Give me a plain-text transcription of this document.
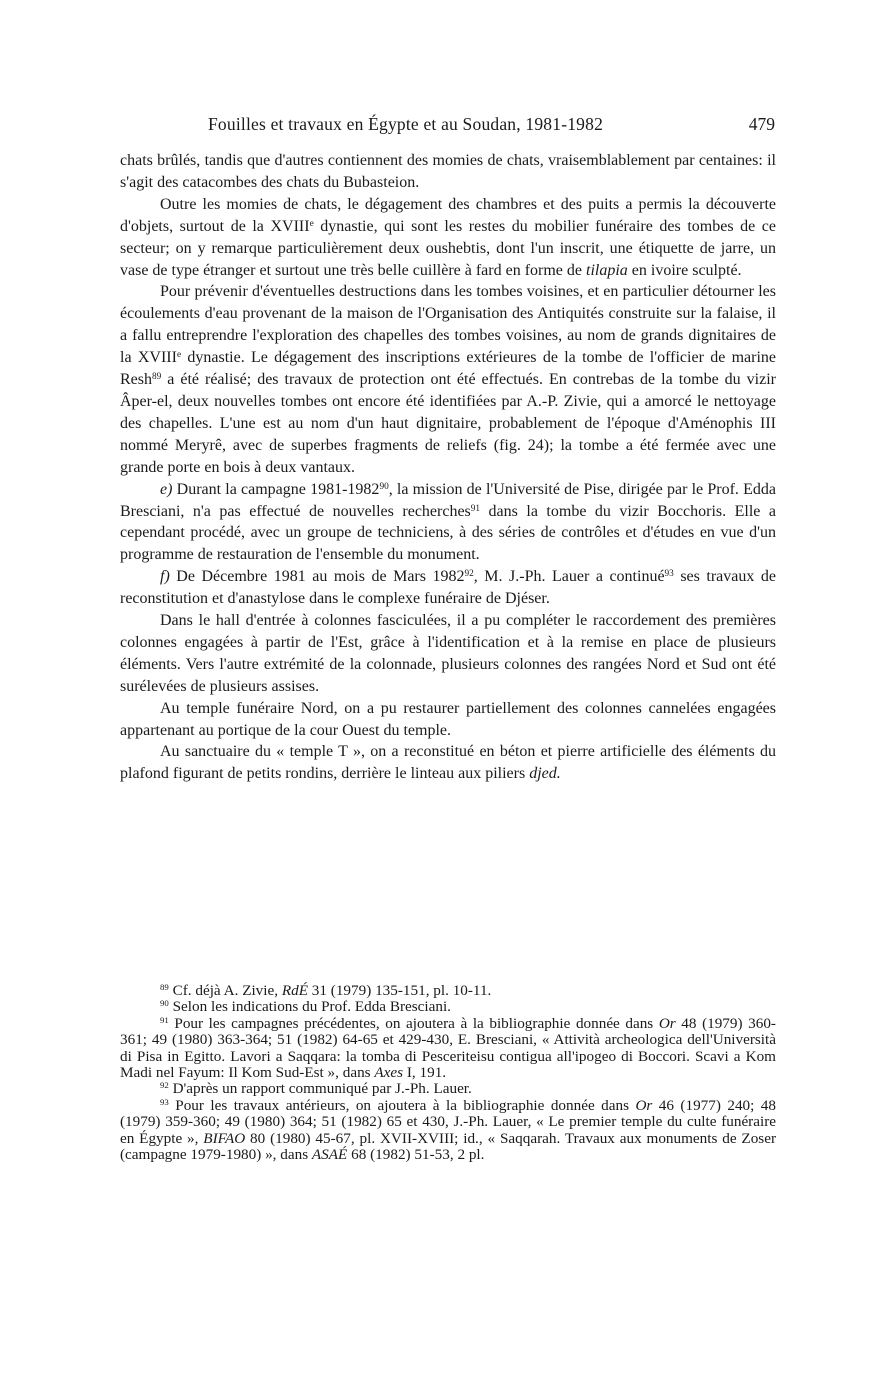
Fouilles et travaux en Égypte et au Soudan, 1981-1982	479

chats brûlés, tandis que d'autres contiennent des momies de chats, vraisemblablement par centaines: il s'agit des catacombes des chats du Bubasteion.

Outre les momies de chats, le dégagement des chambres et des puits a permis la découverte d'objets, surtout de la XVIIIe dynastie, qui sont les restes du mobilier funéraire des tombes de ce secteur; on y remarque particulièrement deux oushebtis, dont l'un inscrit, une étiquette de jarre, un vase de type étranger et surtout une très belle cuillère à fard en forme de tilapia en ivoire sculpté.

Pour prévenir d'éventuelles destructions dans les tombes voisines, et en particulier détourner les écoulements d'eau provenant de la maison de l'Organisation des Antiquités construite sur la falaise, il a fallu entreprendre l'exploration des chapelles des tombes voisines, au nom de grands dignitaires de la XVIIIe dynastie. Le dégagement des inscriptions extérieures de la tombe de l'officier de marine Resh$^{89}$ a été réalisé; des travaux de protection ont été effectués. En contrebas de la tombe du vizir Âper-el, deux nouvelles tombes ont encore été identifiées par A.-P. Zivie, qui a amorcé le nettoyage des chapelles. L'une est au nom d'un haut dignitaire, probablement de l'époque d'Aménophis III nommé Meryrê, avec de superbes fragments de reliefs (fig. 24); la tombe a été fermée avec une grande porte en bois à deux vantaux.

e) Durant la campagne 1981-1982$^{90}$, la mission de l'Université de Pise, dirigée par le Prof. Edda Bresciani, n'a pas effectué de nouvelles recherches$^{91}$ dans la tombe du vizir Bocchoris. Elle a cependant procédé, avec un groupe de techniciens, à des séries de contrôles et d'études en vue d'un programme de restauration de l'ensemble du monument.

f) De Décembre 1981 au mois de Mars 1982$^{92}$, M. J.-Ph. Lauer a continué$^{93}$ ses travaux de reconstitution et d'anastylose dans le complexe funéraire de Djéser.

Dans le hall d'entrée à colonnes fasciculées, il a pu compléter le raccordement des premières colonnes engagées à partir de l'Est, grâce à l'identification et à la remise en place de plusieurs éléments. Vers l'autre extrémité de la colonnade, plusieurs colonnes des rangées Nord et Sud ont été surélevées de plusieurs assises.

Au temple funéraire Nord, on a pu restaurer partiellement des colonnes cannelées engagées appartenant au portique de la cour Ouest du temple.

Au sanctuaire du « temple T », on a reconstitué en béton et pierre artificielle des éléments du plafond figurant de petits rondins, derrière le linteau aux piliers djed.

$^{89}$ Cf. déjà A. Zivie, RdÉ 31 (1979) 135-151, pl. 10-11.

$^{90}$ Selon les indications du Prof. Edda Bresciani.

$^{91}$ Pour les campagnes précédentes, on ajoutera à la bibliographie donnée dans Or 48 (1979) 360-361; 49 (1980) 363-364; 51 (1982) 64-65 et 429-430, E. Bresciani, « Attività archeologica dell'Università di Pisa in Egitto. Lavori a Saqqara: la tomba di Pesceriteisu contigua all'ipogeo di Boccori. Scavi a Kom Madi nel Fayum: Il Kom Sud-Est », dans Axes I, 191.

$^{92}$ D'après un rapport communiqué par J.-Ph. Lauer.

$^{93}$ Pour les travaux antérieurs, on ajoutera à la bibliographie donnée dans Or 46 (1977) 240; 48 (1979) 359-360; 49 (1980) 364; 51 (1982) 65 et 430, J.-Ph. Lauer, « Le premier temple du culte funéraire en Égypte », BIFAO 80 (1980) 45-67, pl. XVII-XVIII; id., « Saqqarah. Travaux aux monuments de Zoser (campagne 1979-1980) », dans ASAÉ 68 (1982) 51-53, 2 pl.
